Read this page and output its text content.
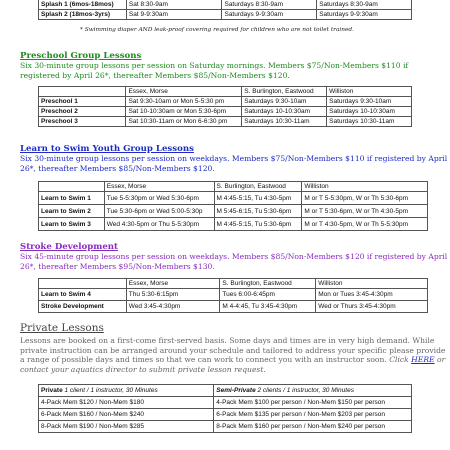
Splash 1 (6mos-18mos)	Sat 8:30-9am	Saturdays 8:30-9am	Saturdays 8:30-9am
Splash 2 (18mos-3yrs)	Sat 9-9:30am	Saturdays 9-9:30am	Saturdays 9-9:30am
* Swimming diaper AND leak-proof covering required for children who are not toilet trained.
Preschool Group Lessons
Six 30-minute group lessons per session on Saturday mornings. Members $75/Non-Members $110 if registered by April 26*, thereafter Members $85/Non-Members $120.
	Essex, Morse	S. Burlington, Eastwood	Williston
Preschool 1	Sat 9:30-10am or Mon 5-5:30 pm	Saturdays 9:30-10am	Saturdays 9:30-10am
Preschool 2	Sat 10-10:30am or Mon 5:30-6pm	Saturdays 10-10:30am	Saturdays 10-10:30am
Preschool 3	Sat 10:30-11am or Mon 6-6:30 pm	Saturdays 10:30-11am	Saturdays 10:30-11am
Learn to Swim Youth Group Lessons
Six 30-minute group lessons per session on weekdays. Members $75/Non-Members $110 if registered by April 26*, thereafter Members $85/Non-Members $120.
	Essex, Morse	S. Burlington, Eastwood	Williston
Learn to Swim 1	Tue 5-5:30pm or Wed 5:30-6pm	M 4:45-5:15, Tu 4:30-5pm	M or T 5-5:30pm, W or Th 5:30-6pm
Learn to Swim 2	Tue 5:30-6pm or Wed 5:00-5:30p	M 5:45-6:15, Tu 5:30-6pm	M or T 5:30-6pm, W or Th 4:30-5pm
Learn to Swim 3	Wed 4:30-5pm or Thu 5-5:30pm	M 4:45-5:15, Tu 5:30-6pm	M or T 4:30-5pm, W or Th 5-5:30pm
Stroke Development
Six 45-minute group lessons per session on weekdays. Members $85/Non-Members $120 if registered by April 26*, thereafter Members $95/Non-Members $130.
	Essex, Morse	S. Burlington, Eastwood	Williston
Learn to Swim 4	Thu 5:30-6:15pm	Tues 6:00-6:45pm	Mon or Tues 3:45-4:30pm
Stroke Development	Wed 3:45-4:30pm	M 4-4:45, Tu 3:45-4:30pm	Wed or Thurs 3:45-4:30pm
Private Lessons
Lessons are booked on a first-come first-served basis. Some days and times are in very high demand. While private instruction can be arranged around your schedule and tailored to address your specific please provide a range of possible days and times so that we can work to connect you with an instructor soon. Click HERE or contact your aquatics director to submit private lesson request.
Private 1 client / 1 instructor, 30 Minutes	Semi-Private 2 clients / 1 instructor, 30 Minutes
4-Pack Mem $120 / Non-Mem $180	4-Pack Mem $100 per person / Non-Mem $150 per person
6-Pack Mem $160 / Non-Mem $240	6-Pack Mem $135 per person / Non-Mem $203 per person
8-Pack Mem $190 / Non-Mem $285	8-Pack Mem $160 per person / Non-Mem $240 per person
